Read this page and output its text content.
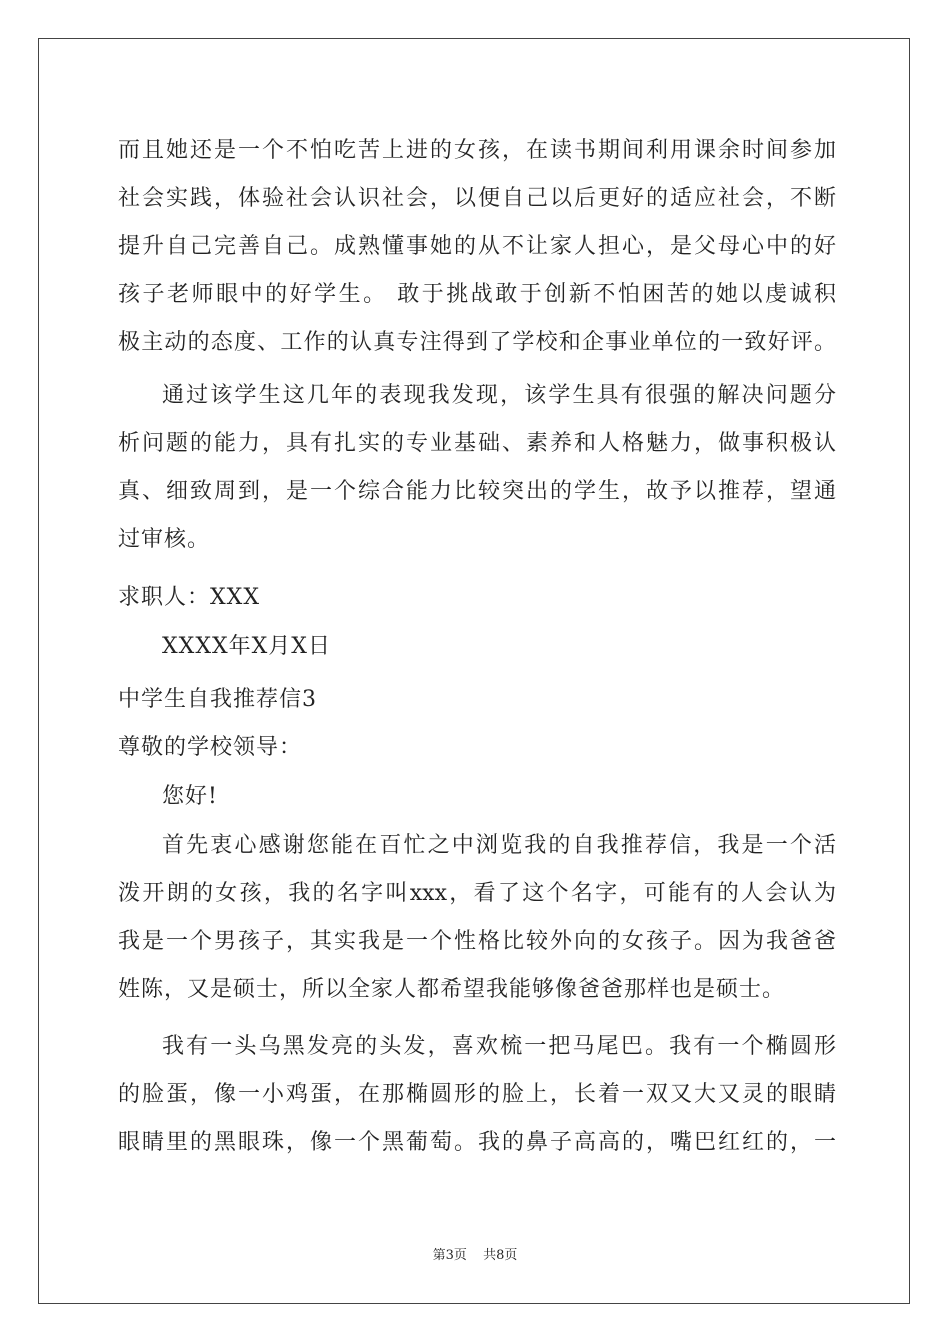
而且她还是一个不怕吃苦上进的女孩，在读书期间利用课余时间参加
社会实践，体验社会认识社会，以便自己以后更好的适应社会，不断
提升自己完善自己。成熟懂事她的从不让家人担心，是父母心中的好
孩子老师眼中的好学生。 敢于挑战敢于创新不怕困苦的她以虔诚积
极主动的态度、工作的认真专注得到了学校和企事业单位的一致好评。
通过该学生这几年的表现我发现，该学生具有很强的解决问题分
析问题的能力，具有扎实的专业基础、素养和人格魅力，做事积极认
真、细致周到，是一个综合能力比较突出的学生，故予以推荐，望通
过审核。
求职人：XXX
XXXX年X月X日
中学生自我推荐信3
尊敬的学校领导：
您好!
首先衷心感谢您能在百忙之中浏览我的自我推荐信，我是一个活
泼开朗的女孩，我的名字叫xxx，看了这个名字，可能有的人会认为
我是一个男孩子，其实我是一个性格比较外向的女孩子。因为我爸爸
姓陈，又是硕士，所以全家人都希望我能够像爸爸那样也是硕士。
我有一头乌黑发亮的头发，喜欢梳一把马尾巴。我有一个椭圆形
的脸蛋，像一小鸡蛋，在那椭圆形的脸上，长着一双又大又灵的眼睛
眼睛里的黑眼珠，像一个黑葡萄。我的鼻子高高的，嘴巴红红的，一
第3页 共8页
